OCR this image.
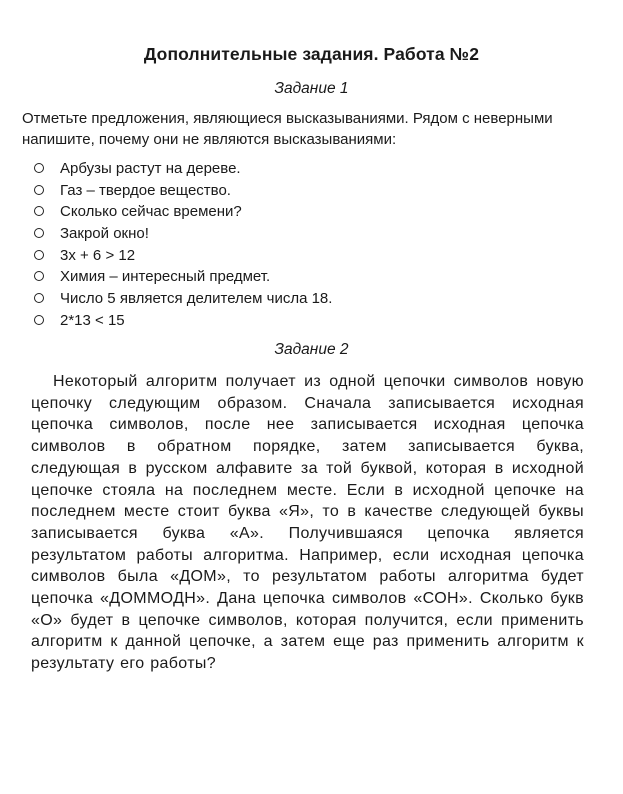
Дополнительные задания. Работа №2
Задание 1
Отметьте предложения, являющиеся высказываниями. Рядом с неверными напишите, почему они не являются высказываниями:
Арбузы растут на дереве.
Газ – твердое вещество.
Сколько сейчас времени?
Закрой окно!
3х + 6 > 12
Химия – интересный предмет.
Число 5 является делителем числа 18.
2*13 < 15
Задание 2
Некоторый алгоритм получает из одной цепочки символов новую цепочку следующим образом. Сначала записывается исходная цепочка символов, после нее записывается исходная цепочка символов в обратном порядке, затем записывается буква, следующая в русском алфавите за той буквой, которая в исходной цепочке стояла на последнем месте. Если в исходной цепочке на последнем месте стоит буква «Я», то в качестве следующей буквы записывается буква «А». Получившаяся цепочка является результатом работы алгоритма. Например, если исходная цепочка символов была «ДОМ», то результатом работы алгоритма будет цепочка «ДОММОДН». Дана цепочка символов «СОН». Сколько букв «О» будет в цепочке символов, которая получится, если применить алгоритм к данной цепочке, а затем еще раз применить алгоритм к результату его работы?
